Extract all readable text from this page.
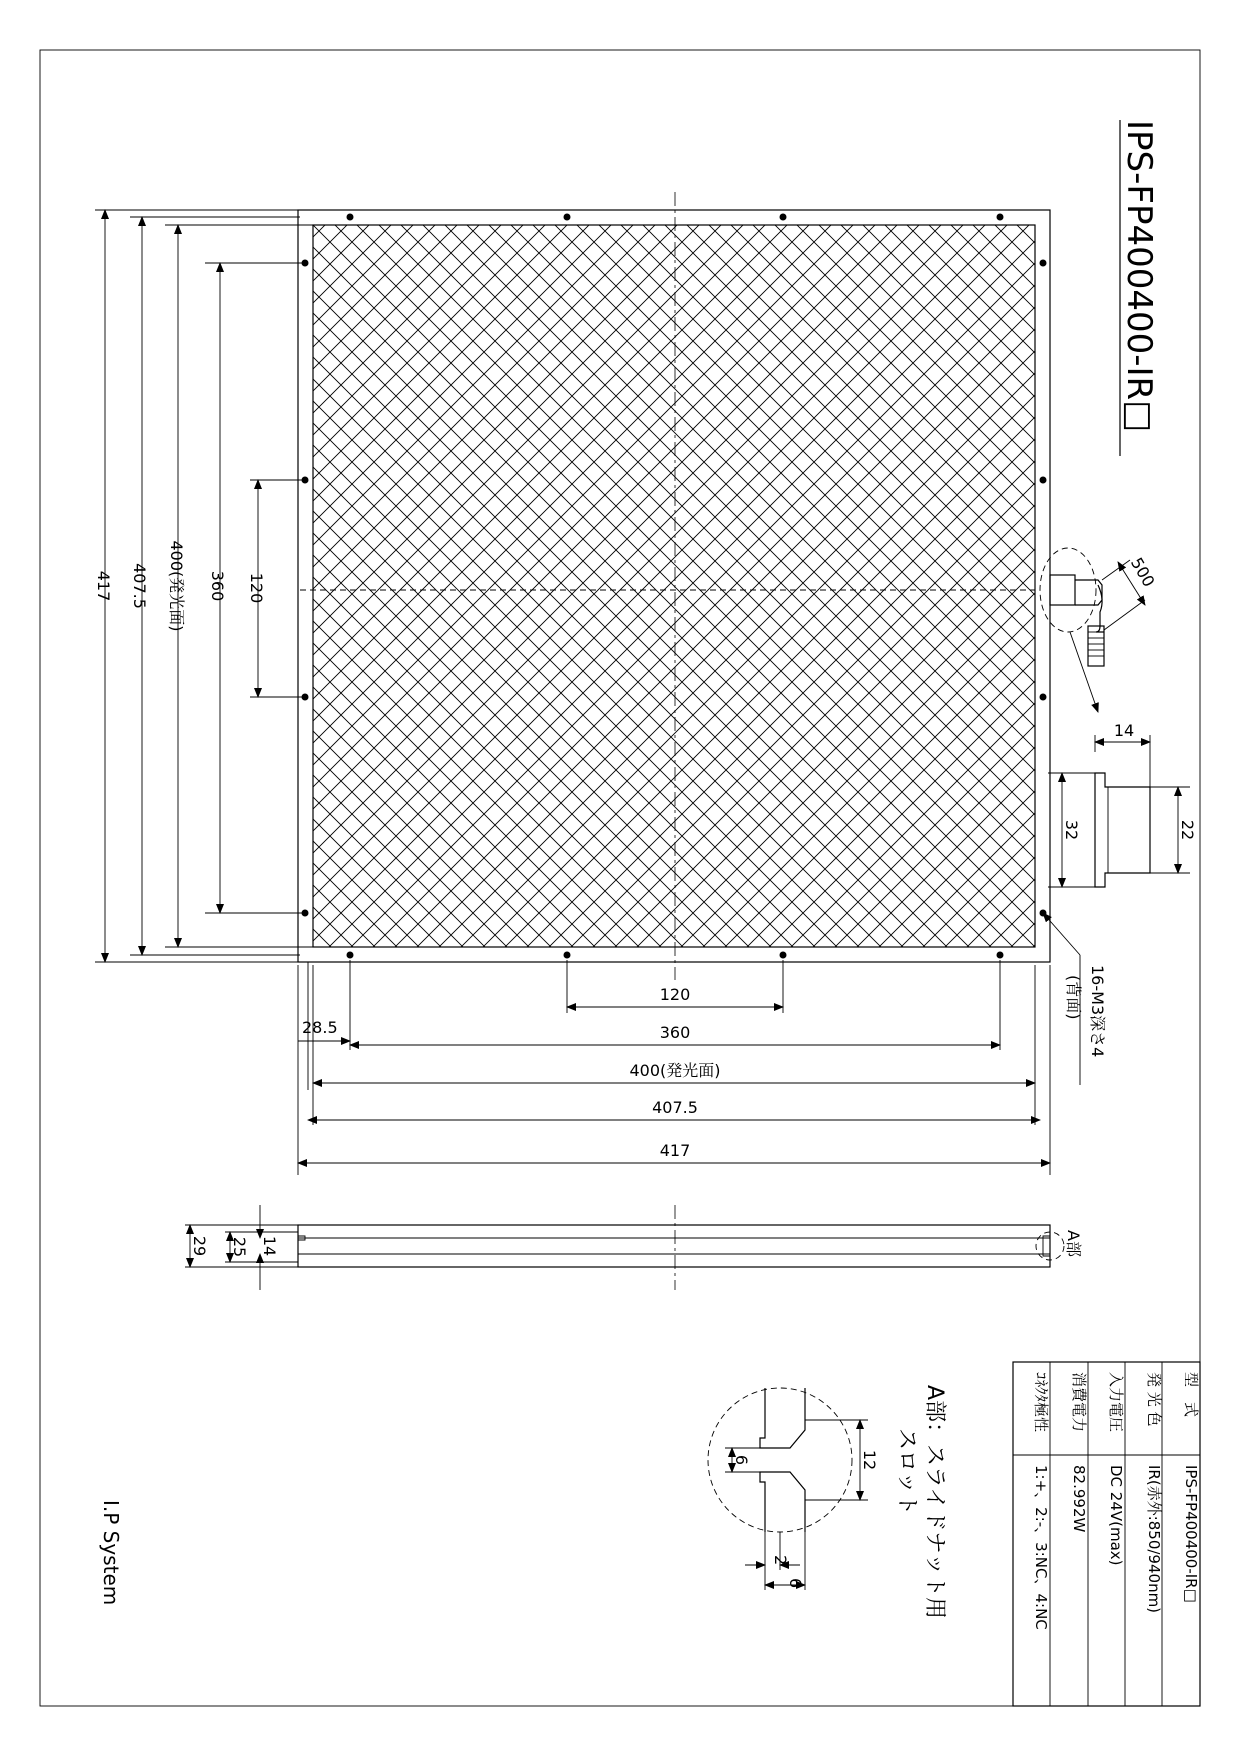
IPS-FP400400-IR□
120
28.5	360
400(発光面)
407.5
417
417 407.5 400(発光面) 360 120	500
14
32	22
16-M3深さ4
(背面)
A部
29 25 14
6	12
2
6	A部：スライドナット用
スロット
型　式
IPS-FP400400-IR□
発 光 色
IR(赤外:850/940nm)
入力電圧
DC 24V(max)
消費電力
82.992W
ｺﾈｸﾀ極性
1:+、2:-、3:NC、4:NC
I.P System
